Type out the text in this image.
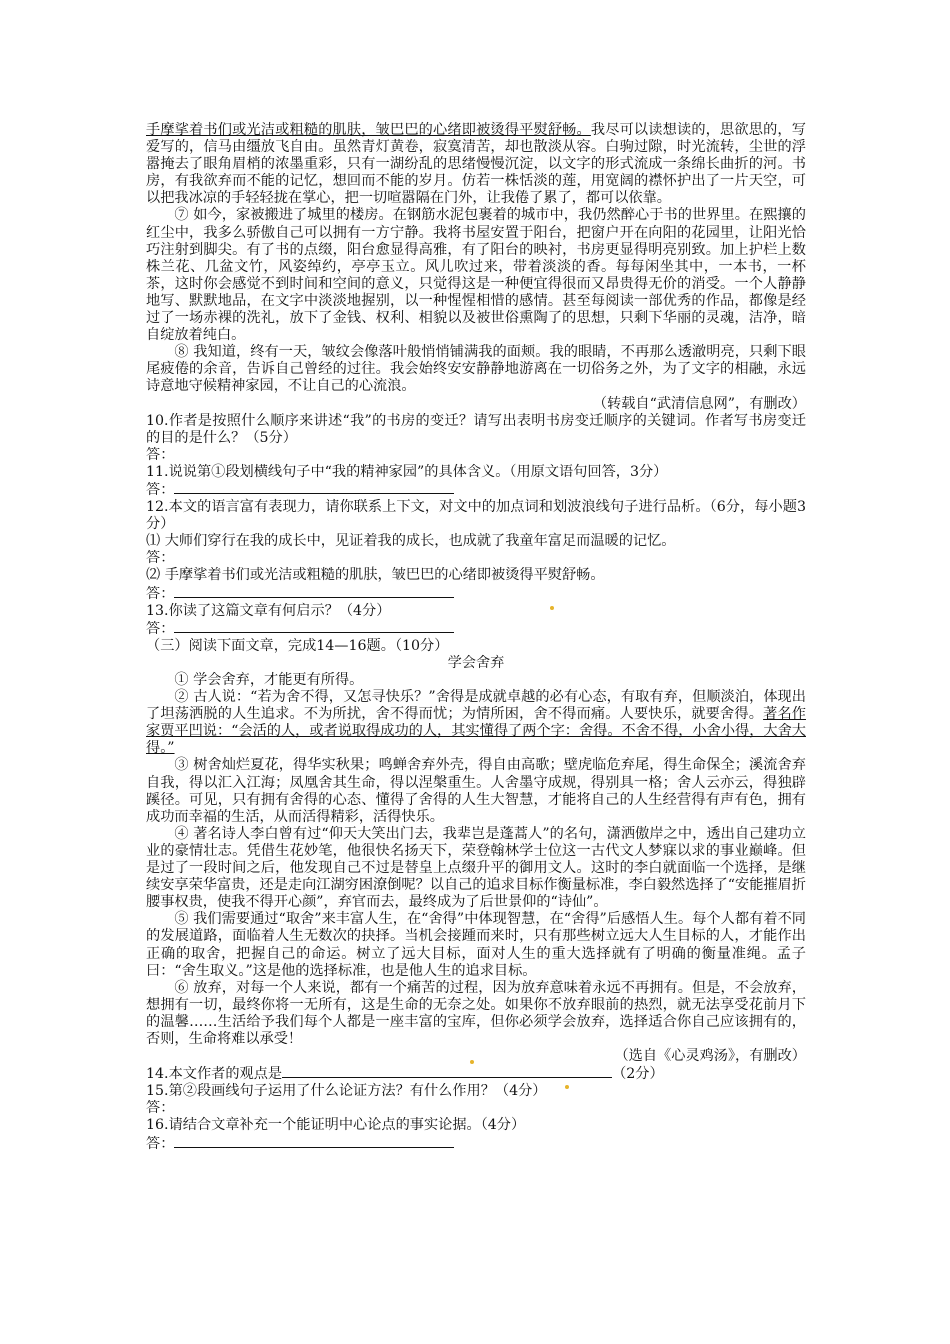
手摩挲着书们或光洁或粗糙的肌肤，皱巴巴的心绪即被烫得平熨舒畅。我尽可以读想读的，思欲思的，写爱写的，信马由缰放飞自由。虽然青灯黄卷，寂寞清苦，却也散淡从容。白驹过隙，时光流转，尘世的浮嚣掩去了眼角眉梢的浓墨重彩，只有一湖纷乱的思绪慢慢沉淀，以文字的形式流成一条绵长曲折的河。书房，有我欲弃而不能的记忆，想回而不能的岁月。仿若一株恬淡的莲，用宽阔的襟怀护出了一片天空，可以把我冰凉的手轻轻拢在掌心，把一切喧嚣隔在门外，让我倦了累了，都可以依靠。

⑦ 如今，家被搬进了城里的楼房。在钢筋水泥包裹着的城市中，我仍然醉心于书的世界里。在熙攘的红尘中，我多么骄傲自己可以拥有一方宁静。我将书屋安置于阳台，把窗户开在向阳的花园里，让阳光恰巧注射到脚尖。有了书的点缀，阳台愈显得高雅，有了阳台的映衬，书房更显得明亮别致。加上护栏上数株兰花、几盆文竹，风姿绰约，亭亭玉立。风儿吹过来，带着淡淡的香。每每闲坐其中，一本书，一杯茶，这时你会感觉不到时间和空间的意义，只觉得这是一种便宜得很而又昂贵得无价的消受。一个人静静地写、默默地品，在文字中淡淡地握别，以一种惺惺相惜的感情。甚至每阅读一部优秀的作品，都像是经过了一场赤裸的洗礼，放下了金钱、权利、相貌以及被世俗熏陶了的思想，只剩下华丽的灵魂，洁净，暗自绽放着纯白。

⑧ 我知道，终有一天，皱纹会像落叶般悄悄铺满我的面颊。我的眼睛，不再那么透澈明亮，只剩下眼尾疲倦的余音，告诉自己曾经的过往。我会始终安安静静地游离在一切俗务之外，为了文字的相融，永远诗意地守候精神家园，不让自己的心流浪。

（转载自“武清信息网”，有删改）

10.作者是按照什么顺序来讲述“我”的书房的变迁？请写出表明书房变迁顺序的关键词。作者写书房变迁的目的是什么？（5分）

答：

11.说说第①段划横线句子中“我的精神家园”的具体含义。（用原文语句回答，3分）

答：

12.本文的语言富有表现力，请你联系上下文，对文中的加点词和划波浪线句子进行品析。（6分，每小题3分）

⑴ 大师们穿行在我的成长中，见证着我的成长，也成就了我童年富足而温暖的记忆。

答：

⑵ 手摩挲着书们或光洁或粗糙的肌肤，皱巴巴的心绪即被烫得平熨舒畅。

答：

13.你读了这篇文章有何启示？（4分）

答：

（三）阅读下面文章，完成14—16题。（10分）

学会舍弃

① 学会舍弃，才能更有所得。

② 古人说：“若为舍不得，又怎寻快乐？”舍得是成就卓越的必有心态，有取有弃，但顺淡泊，体现出了坦荡洒脱的人生追求。不为所扰，舍不得而忧；为情所困，舍不得而痛。人要快乐，就要舍得。著名作家贾平凹说：“会活的人，或者说取得成功的人，其实懂得了两个字：舍得。不舍不得，小舍小得，大舍大得。”

③ 树舍灿烂夏花，得华实秋果；鸣蝉舍弃外壳，得自由高歌；壁虎临危弃尾，得生命保全；溪流舍弃自我，得以汇入江海；凤凰舍其生命，得以涅槃重生。人舍墨守成规，得别具一格；舍人云亦云，得独辟蹊径。可见，只有拥有舍得的心态、懂得了舍得的人生大智慧，才能将自己的人生经营得有声有色，拥有成功而幸福的生活，从而活得精彩，活得快乐。

④ 著名诗人李白曾有过“仰天大笑出门去，我辈岂是蓬蒿人”的名句，潇洒傲岸之中，透出自己建功立业的豪情壮志。凭借生花妙笔，他很快名扬天下，荣登翰林学士位这一古代文人梦寐以求的事业巅峰。但是过了一段时间之后，他发现自己不过是替皇上点缀升平的御用文人。这时的李白就面临一个选择，是继续安享荣华富贵，还是走向江湖穷困潦倒呢？以自己的追求目标作衡量标准，李白毅然选择了“安能摧眉折腰事权贵，使我不得开心颜”，弃官而去，最终成为了后世景仰的“诗仙”。

⑤ 我们需要通过“取舍”来丰富人生，在“舍得”中体现智慧，在“舍得”后感悟人生。每个人都有着不同的发展道路，面临着人生无数次的抉择。当机会接踵而来时，只有那些树立远大人生目标的人，才能作出正确的取舍，把握自己的命运。树立了远大目标，面对人生的重大选择就有了明确的衡量准绳。孟子曰：“舍生取义。”这是他的选择标准，也是他人生的追求目标。

⑥ 放弃，对每一个人来说，都有一个痛苦的过程，因为放弃意味着永远不再拥有。但是，不会放弃，想拥有一切，最终你将一无所有，这是生命的无奈之处。如果你不放弃眼前的热烈，就无法享受花前月下的温馨……生活给予我们每个人都是一座丰富的宝库，但你必须学会放弃，选择适合你自己应该拥有的，否则，生命将难以承受！

（选自《心灵鸡汤》，有删改）

14.本文作者的观点是	（2分）

15.第②段画线句子运用了什么论证方法？有什么作用？（4分）

答：

16.请结合文章补充一个能证明中心论点的事实论据。（4分）

答：
